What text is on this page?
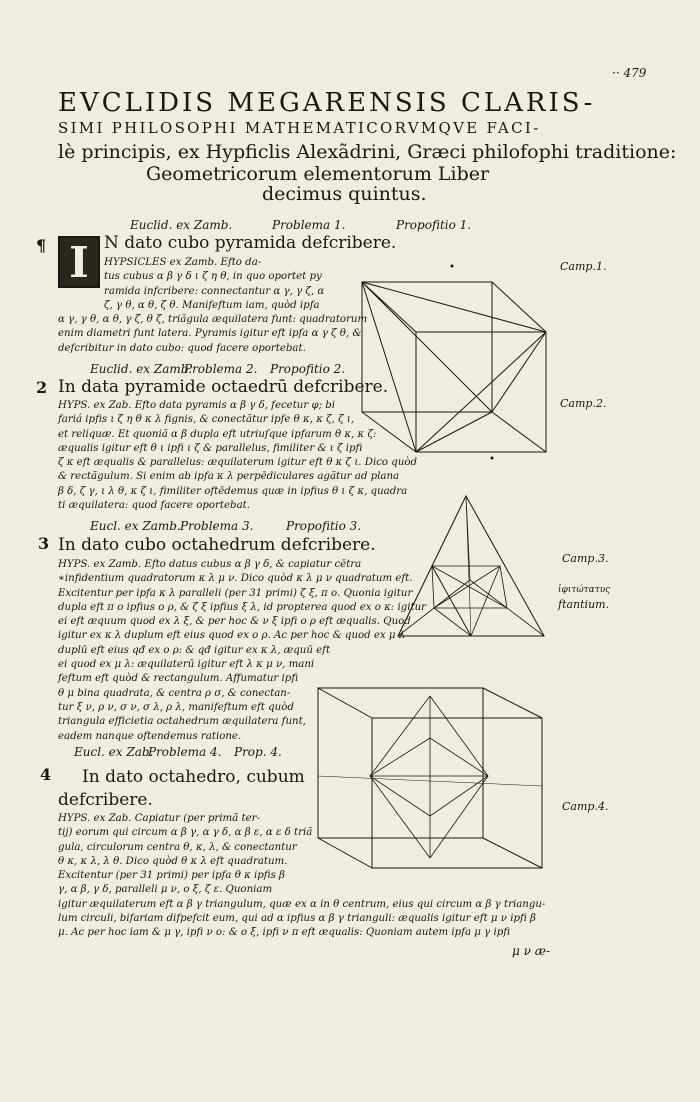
·· 479
EVCLIDIS MEGARENSIS CLARIS-
SIMI PHILOSOPHI MATHEMATICORVMQVE FACI-
lè principis, ex Hypficlis Alexãdrini, Græci philofophi traditione:
Geometricorum elementorum Liber
decimus quintus.
Euclid. ex Zamb.	Problema 1.	Propofitio 1.
¶ I N dato cubo pyramida defcribere.
Camp.1.
HYPSICLES ex Zamb. Efto da-
tus cubus α β γ δ ι ζ η θ, in quo oportet py
ramida infcribere: connectantur α γ, γ ζ, α
ζ, γ θ, α θ, ζ θ. Manifeftum iam, quòd ipfa
α γ, γ θ, α θ, γ ζ, θ ζ, triãgula æquilatera funt: quadratorum
enim diametri funt latera. Pyramis igitur eft ipfa α γ ζ θ, &
defcribitur in dato cubo: quod facere oportebat.
Euclid. ex Zamb.
Problema 2. Propofitio 2.
2 In data pyramide octaedrū defcribere.
Camp.2.
HYPS. ex Zab. Efto data pyramis α β γ δ, fecetur φ; bi
fariá ipfis ι ζ η θ κ λ fignis, & conectãtur ipfe θ κ, κ ζ, ζ ι,
et reliquæ. Et quoniã α β dupla eft utriuſque ipfarum θ κ, κ ζ:
æqualis igitur eft θ ι ipfi ι ζ & parallelus, fimiliter & ι ζ ipfi
ζ κ eft æqualis & parallelus: æquilaterum igitur eft θ κ ζ ι. Dico quòd
& rectãgulum. Si enim ab ipfa κ λ perpēdiculares agãtur ad plana
β δ, ζ γ, ι λ θ, κ ζ ι, fimiliter oftēdemus quæ in ipfius θ ι ζ κ, quadra
ti æquilatera: quod facere oportebat.
Eucl. ex Zamb. Problema 3.	Propofitio 3.
3 In dato cubo octahedrum defcribere.
Camp.3.
ἰφιτώτατυς
ftantium.
HYPS. ex Zamb. Efto datus cubus α β γ δ, & capiatur cētra
∗infidentium quadratorum κ λ μ ν. Dico quòd κ λ μ ν quadratum eft.
Excitentur per ipfa κ λ paralleli (per 31 primi) ζ ξ, π ο. Quonia igitur
dupla eft π ο ipfius ο ρ, & ζ ξ ipfius ξ λ, id propterea quod ex ο κ: igitur
ei eft æquum quod ex λ ξ, & per hoc & ν ξ ipfi ο ρ eft æqualis. Quod
igitur ex κ λ duplum eft eius quod ex ο ρ. Ac per hoc & quod ex μ λ
duplū eft eius qđ ex ο ρ: & qđ igitur ex κ λ, æquū eft
ei quod ex μ λ: æquilaterū igitur eft λ κ μ ν, mani
feftum eft quòd & rectangulum. Affumatur ipfi
θ μ bina quadrata, & centra ρ σ, & conectan-
tur ξ ν, ρ ν, σ ν, σ λ, ρ λ, manifeftum eft quòd
triangula efficietia octahedrum æquilatera funt,
eadem nanque oftendemus ratione.
Eucl. ex Zab.
Problema 4. Prop. 4.
4 In dato octahedro, cubum
defcribere.	Camp.4.
HYPS. ex Zab. Capiatur (per primã ter-
tij) eorum qui circum α β γ, α γ δ, α β ε, α ε δ triã
gula, circulorum centra θ, κ, λ, & conectantur
θ κ, κ λ, λ θ. Dico quòd θ κ λ eft quadratum.
Excitentur (per 31 primi) per ipfa θ κ ipfis β
γ, α β, γ δ, paralleli μ ν, ο ξ, ζ ε. Quoniam
igitur æquilaterum eft α β γ triangulum, quæ ex α in θ centrum, eius qui circum α β γ triangu-
lum circuli, bifariam difpefcit eum, qui ad α ipfius α β γ trianguli: æqualis igitur eft μ ν ipfi β
μ. Ac per hoc iam & μ γ, ipfi ν ο: & ο ξ, ipfi ν π eft æqualis: Quoniam autem ipfa μ γ ipfi
μ ν æ-
